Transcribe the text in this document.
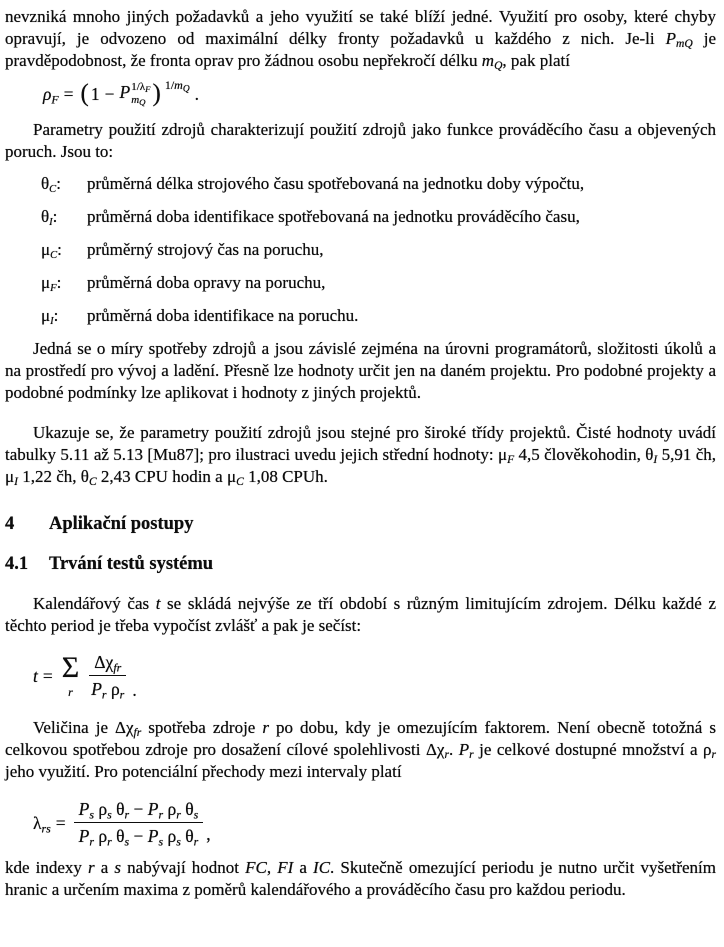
nevzniká mnoho jiných požadavků a jeho využití se také blíží jedné. Využití pro osoby, které chyby opravují, je odvozeno od maximální délky fronty požadavků u každého z nich. Je-li $P_{mQ}$ je pravděpodobnost, že fronta oprav pro žádnou osobu nepřekročí délku $m_Q$, pak platí

$\rho_F$ = ( 1 − P 1/λF
mQ ) $1/m_Q$ .

Parametry použití zdrojů charakterizují použití zdrojů jako funkce prováděcího času a objevených poruch. Jsou to:

$\theta_C$:	průměrná délka strojového času spotřebovaná na jednotku doby výpočtu,
$\theta_I$:	průměrná doba identifikace spotřebovaná na jednotku prováděcího času,
$\mu_C$:	průměrný strojový čas na poruchu,
$\mu_F$:	průměrná doba opravy na poruchu,
$\mu_I$:	průměrná doba identifikace na poruchu.

Jedná se o míry spotřeby zdrojů a jsou závislé zejména na úrovni programátorů, složitosti úkolů a na prostředí pro vývoj a ladění. Přesně lze hodnoty určit jen na daném projektu. Pro podobné projekty a podobné podmínky lze aplikovat i hodnoty z jiných projektů.

Ukazuje se, že parametry použití zdrojů jsou stejné pro široké třídy projektů. Čisté hodnoty uvádí tabulky 5.11 až 5.13 [Mu87]; pro ilustraci uvedu jejich střední hodnoty: $\mu_F$ 4,5 člověkohodin, $\theta_I$ 5,91 čh, $\mu_I$ 1,22 čh, $\theta_C$ 2,43 CPU hodin a $\mu_C$ 1,08 CPUh.

4	Aplikační postupy
4.1	Trvání testů systému

Kalendářový čas t se skládá nejvýše ze tří období s různým limitujícím zdrojem. Délku každé z těchto period je třeba vypočíst zvlášť a pak je sečíst:

t = Σ
r $\frac{\Delta\chi_{fr}}{P_r \rho_r}$ .

Veličina je $\Delta\chi_{fr}$ spotřeba zdroje r po dobu, kdy je omezujícím faktorem. Není obecně totožná s celkovou spotřebou zdroje pro dosažení cílové spolehlivosti $\Delta\chi_r$. $P_r$ je celkové dostupné množství a $\rho_r$ jeho využití. Pro potenciální přechody mezi intervaly platí

$\lambda_{rs} = \frac{P_s \rho_s \theta_r - P_r \rho_r \theta_s}{P_r \rho_r \theta_s - P_s \rho_s \theta_r}$ ,

kde indexy r a s nabývají hodnot FC, FI a IC. Skutečně omezující periodu je nutno určit vyšetřením hranic a určením maxima z poměrů kalendářového a prováděcího času pro každou periodu.
